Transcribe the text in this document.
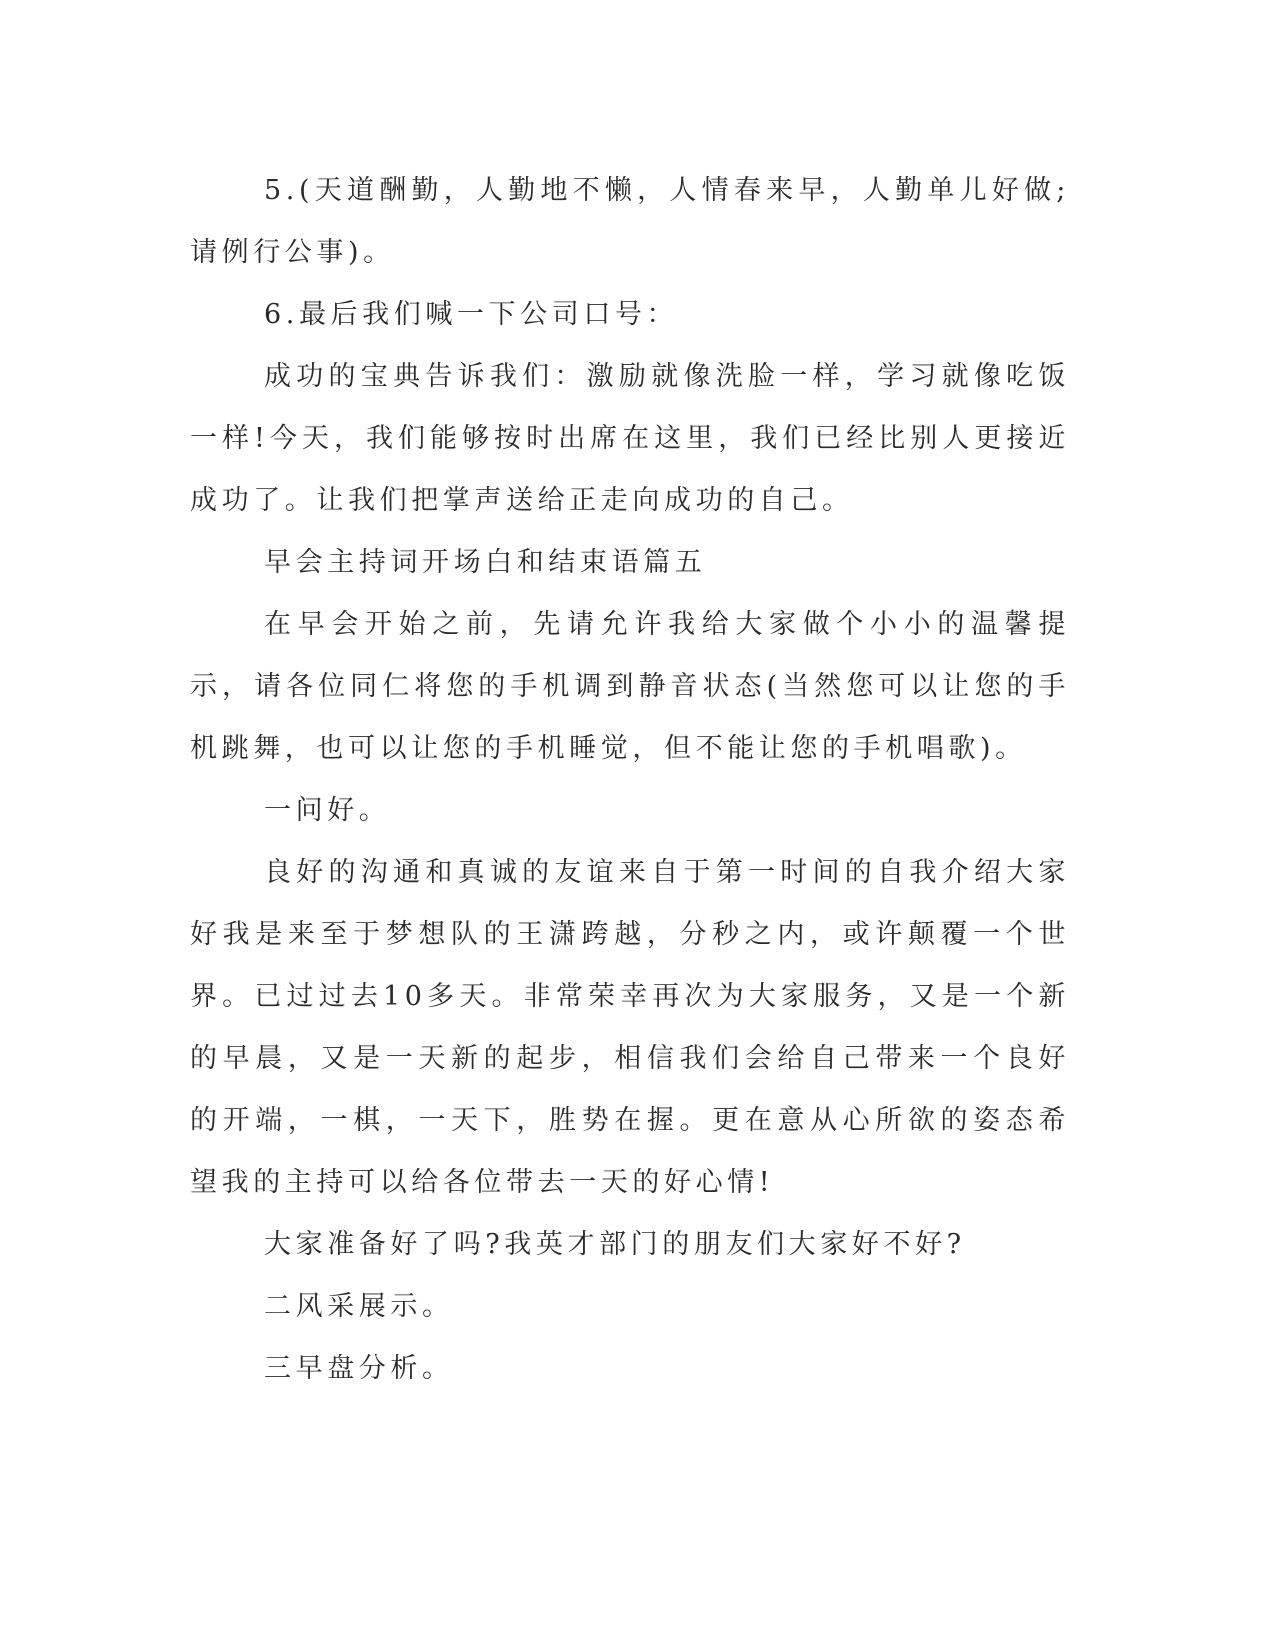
5.(天道酬勤，人勤地不懒，人情春来早，人勤单儿好做;请例行公事)。

6.最后我们喊一下公司口号：

成功的宝典告诉我们：激励就像洗脸一样，学习就像吃饭一样!今天，我们能够按时出席在这里，我们已经比别人更接近成功了。让我们把掌声送给正走向成功的自己。

早会主持词开场白和结束语篇五

在早会开始之前，先请允许我给大家做个小小的温馨提示，请各位同仁将您的手机调到静音状态(当然您可以让您的手机跳舞，也可以让您的手机睡觉，但不能让您的手机唱歌)。

一问好。

良好的沟通和真诚的友谊来自于第一时间的自我介绍大家好我是来至于梦想队的王潇跨越，分秒之内，或许颠覆一个世界。已过过去10多天。非常荣幸再次为大家服务，又是一个新的早晨，又是一天新的起步，相信我们会给自己带来一个良好的开端，一棋，一天下，胜势在握。更在意从心所欲的姿态希望我的主持可以给各位带去一天的好心情!

大家准备好了吗?我英才部门的朋友们大家好不好?

二风采展示。

三早盘分析。
